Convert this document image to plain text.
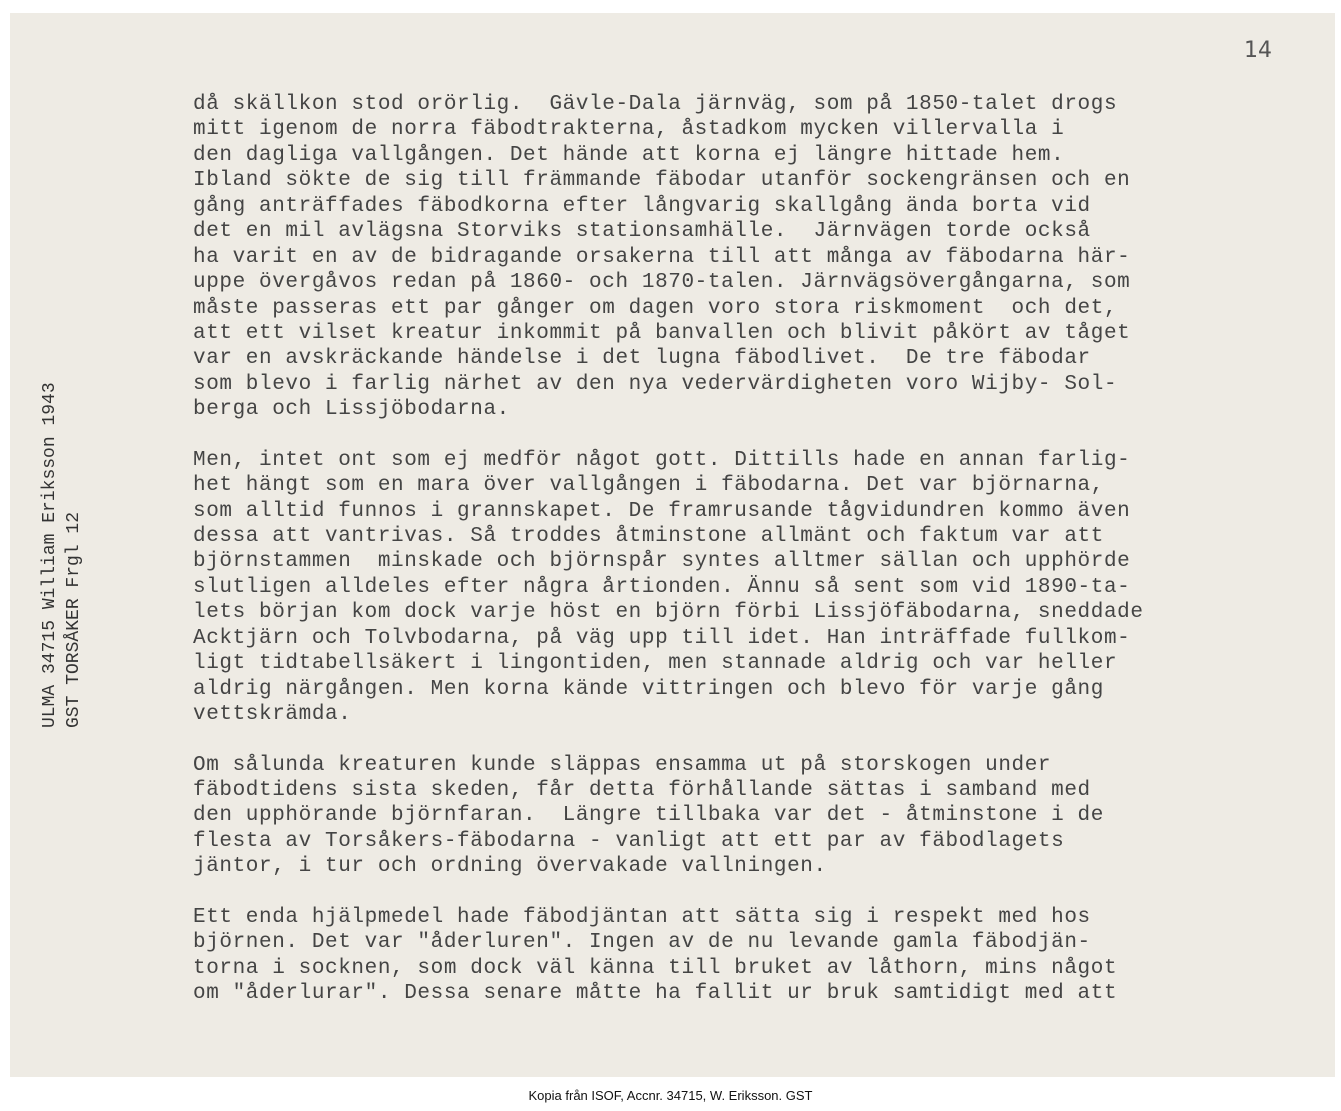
14
ULMA 34715 William Eriksson 1943 GST TORSÅKER Frgl 12
då skällkon stod orörlig.  Gävle-Dala järnväg, som på 1850-talet drogs
mitt igenom de norra fäbodtrakterna, åstadkom mycken villervalla i
den dagliga vallgången. Det hände att korna ej längre hittade hem.
Ibland sökte de sig till främmande fäbodar utanför sockengränsen och en
gång anträffades fäbodkorna efter långvarig skallgång ända borta vid
det en mil avlägsna Storviks stationsamhälle.  Järnvägen torde också
ha varit en av de bidragande orsakerna till att många av fäbodarna här-
uppe övergåvos redan på 1860- och 1870-talen. Järnvägsövergångarna, som
måste passeras ett par gånger om dagen voro stora riskmoment  och det,
att ett vilset kreatur inkommit på banvallen och blivit påkört av tåget
var en avskräckande händelse i det lugna fäbodlivet.  De tre fäbodar
som blevo i farlig närhet av den nya vedervärdigheten voro Wijby- Sol-
berga och Lissjöbodarna.
Men, intet ont som ej medför något gott. Dittills hade en annan farlig-
het hängt som en mara över vallgången i fäbodarna. Det var björnarna,
som alltid funnos i grannskapet. De framrusande tågvidundren kommo även
dessa att vantrivas. Så troddes åtminstone allmänt och faktum var att
björnstammen  minskade och björnspår syntes alltmer sällan och upphörde
slutligen alldeles efter några årtionden. Ännu så sent som vid 1890-ta-
lets början kom dock varje höst en björn förbi Lissjöfäbodarna, sneddade
Acktjärn och Tolvbodarna, på väg upp till idet. Han inträffade fullkom-
ligt tidtabellsäkert i lingontiden, men stannade aldrig och var heller
aldrig närgången. Men korna kände vittringen och blevo för varje gång
vettskrämda.
Om sålunda kreaturen kunde släppas ensamma ut på storskogen under
fäbodtidens sista skeden, får detta förhållande sättas i samband med
den upphörande björnfaran.  Längre tillbaka var det - åtminstone i de
flesta av Torsåkers-fäbodarna - vanligt att ett par av fäbodlagets
jäntor, i tur och ordning övervakade vallningen.
Ett enda hjälpmedel hade fäbodjäntan att sätta sig i respekt med hos
björnen. Det var "åderluren". Ingen av de nu levande gamla fäbodjän-
torna i socknen, som dock väl känna till bruket av låthorn, mins något
om "åderlurar". Dessa senare måtte ha fallit ur bruk samtidigt med att
Kopia från ISOF, Accnr. 34715, W. Eriksson. GST
